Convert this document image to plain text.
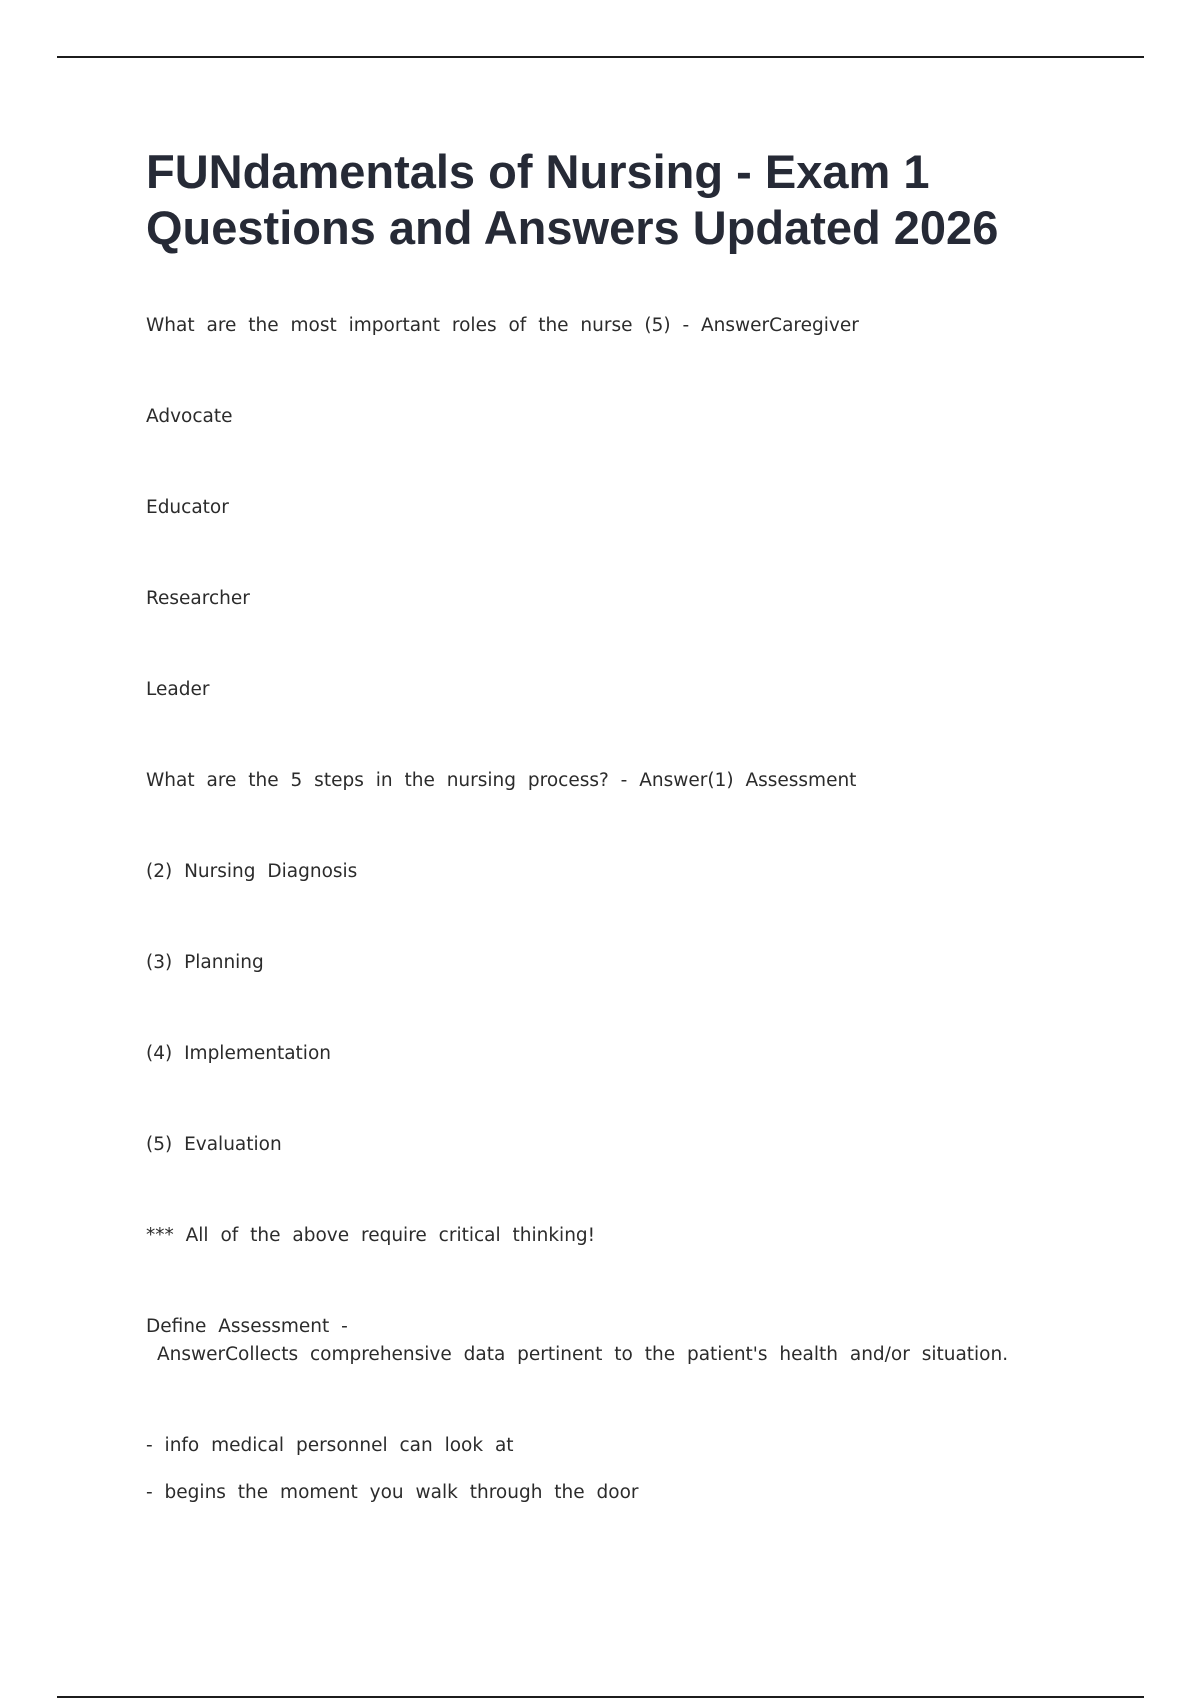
FUNdamentals of Nursing - Exam 1 Questions and Answers Updated 2026

What are the most important roles of the nurse (5) - AnswerCaregiver

Advocate

Educator

Researcher

Leader

What are the 5 steps in the nursing process? - Answer(1) Assessment

(2) Nursing Diagnosis

(3) Planning

(4) Implementation

(5) Evaluation

*** All of the above require critical thinking!

Define Assessment -

AnswerCollects comprehensive data pertinent to the patient's health and/or situation.

- info medical personnel can look at

- begins the moment you walk through the door
